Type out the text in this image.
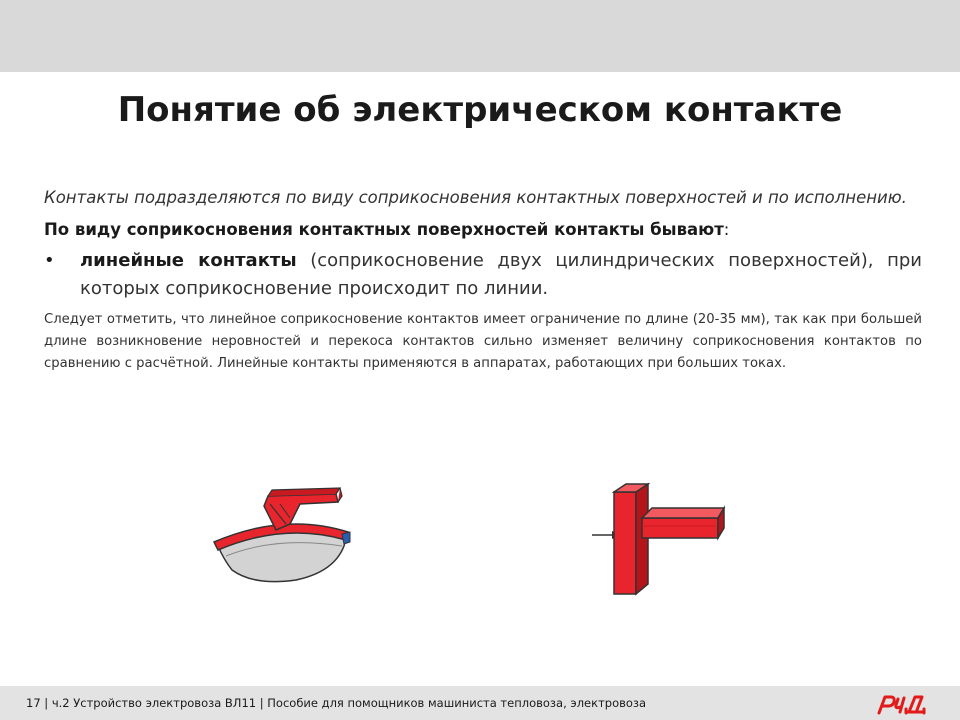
Понятие об электрическом контакте

Контакты подразделяются по виду соприкосновения контактных поверхностей и по исполнению.

По виду соприкосновения контактных поверхностей контакты бывают:

•	линейные контакты (соприкосновение двух цилиндрических поверхностей), при которых соприкосновение происходит по линии.

Следует отметить, что линейное соприкосновение контактов имеет ограничение по длине (20-35 мм), так как при большей длине возникновение неровностей и перекоса контактов сильно изменяет величину соприкосновения контактов по сравнению с расчётной. Линейные контакты применяются в аппаратах, работающих при больших токах.

17 | ч.2 Устройство электровоза ВЛ11 | Пособие для помощников машиниста тепловоза, электровоза
